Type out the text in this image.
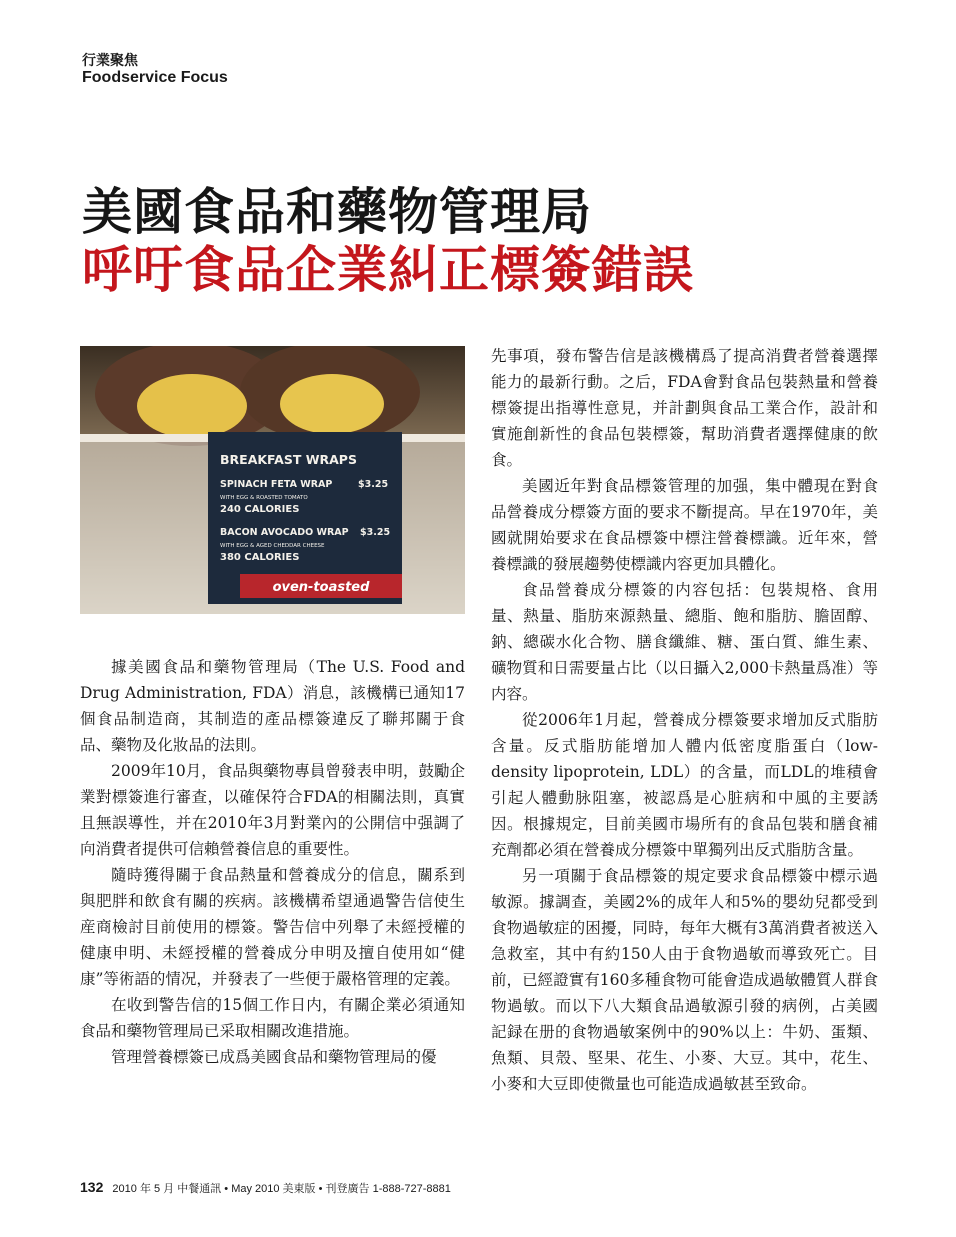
行業聚焦
Foodservice Focus
美國食品和藥物管理局
呼吁食品企業糾正標簽錯誤
BREAKFAST WRAPS
SPINACH FETA WRAP	$3.25
WITH EGG & ROASTED TOMATO
240 CALORIES
BACON AVOCADO WRAP $3.25
WITH EGG & AGED CHEDDAR CHEESE
380 CALORIES
oven-toasted

據美國食品和藥物管理局（The U.S. Food and Drug Administration, FDA）消息，該機構已通知17個食品制造商，其制造的產品標簽違反了聯邦關于食品、藥物及化妝品的法則。

2009年10月，食品與藥物專員曾發表申明，鼓勵企業對標簽進行審查，以確保符合FDA的相關法則，真實且無誤導性，并在2010年3月對業內的公開信中强調了向消費者提供可信賴營養信息的重要性。

隨時獲得關于食品熱量和營養成分的信息，關系到與肥胖和飲食有關的疾病。該機構希望通過警告信使生産商檢討目前使用的標簽。警告信中列舉了未經授權的健康申明、未經授權的營養成分申明及擅自使用如“健康”等術語的情况，并發表了一些便于嚴格管理的定義。

在收到警告信的15個工作日内，有關企業必須通知食品和藥物管理局已采取相關改進措施。

管理營養標簽已成爲美國食品和藥物管理局的優

先事項，發布警告信是該機構爲了提高消費者營養選擇能力的最新行動。之后，FDA會對食品包裝熱量和營養標簽提出指導性意見，并計劃與食品工業合作，設計和實施創新性的食品包裝標簽，幫助消費者選擇健康的飲食。

美國近年對食品標簽管理的加强，集中體現在對食品營養成分標簽方面的要求不斷提高。早在1970年，美國就開始要求在食品標簽中標注營養標識。近年來，營養標識的發展趨勢使標識内容更加具體化。

食品營養成分標簽的内容包括：包裝規格、食用量、熱量、脂肪來源熱量、總脂、飽和脂肪、膽固醇、鈉、總碳水化合物、膳食纖維、糖、蛋白質、維生素、礦物質和日需要量占比（以日攝入2,000卡熱量爲准）等内容。

從2006年1月起，營養成分標簽要求增加反式脂肪含量。反式脂肪能增加人體内低密度脂蛋白（low-density lipoprotein, LDL）的含量，而LDL的堆積會引起人體動脉阻塞，被認爲是心脏病和中風的主要誘因。根據規定，目前美國市場所有的食品包裝和膳食補充劑都必須在營養成分標簽中單獨列出反式脂肪含量。

另一項關于食品標簽的規定要求食品標簽中標示過敏源。據調查，美國2%的成年人和5%的嬰幼兒都受到食物過敏症的困擾，同時，每年大概有3萬消費者被送入急救室，其中有約150人由于食物過敏而導致死亡。目前，已經證實有160多種食物可能會造成過敏體質人群食物過敏。而以下八大類食品過敏源引發的病例，占美國記録在册的食物過敏案例中的90%以上：牛奶、蛋類、魚類、貝殼、堅果、花生、小麥、大豆。其中，花生、小麥和大豆即使微量也可能造成過敏甚至致命。

132 2010 年 5 月 中餐通訊 • May 2010 美東版 • 刊登廣告 1-888-727-8881
